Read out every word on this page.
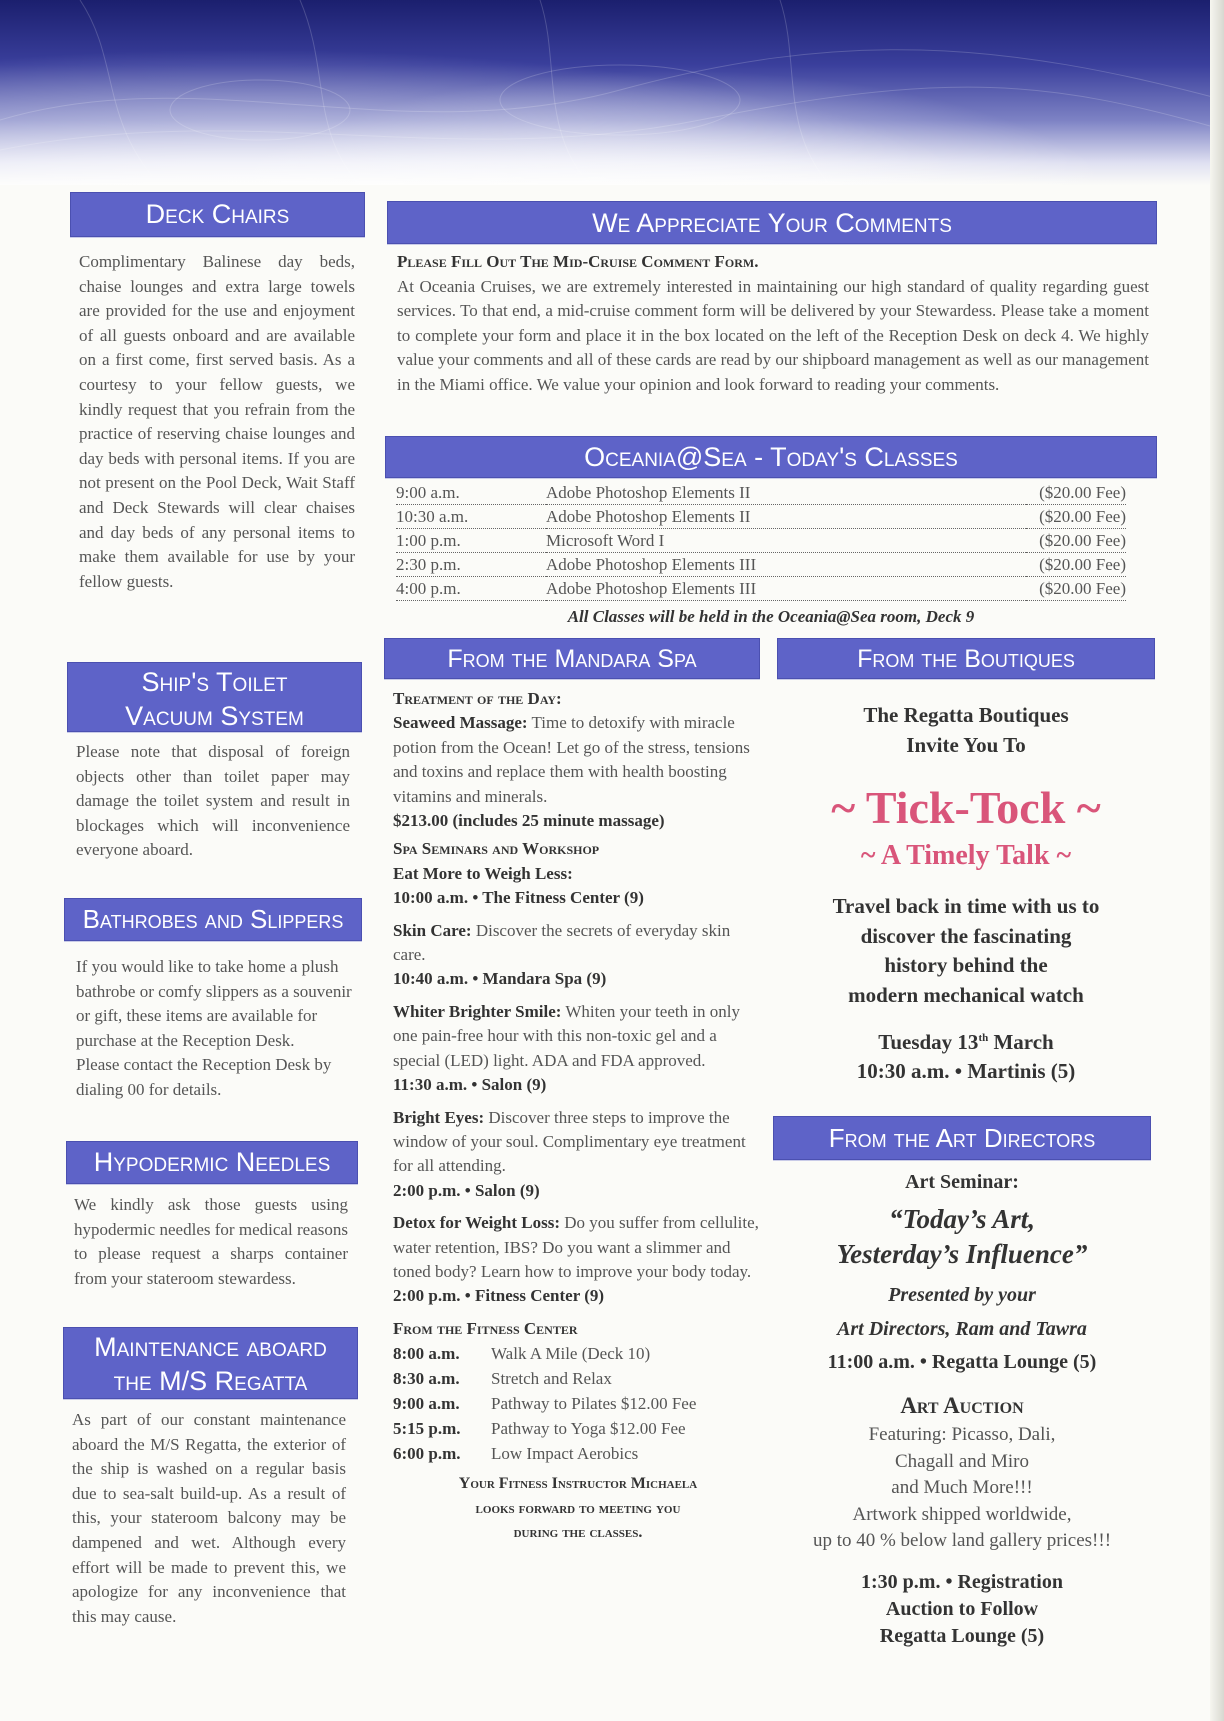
Deck Chairs
Complimentary Balinese day beds, chaise lounges and extra large towels are provided for the use and enjoyment of all guests onboard and are available on a first come, first served basis. As a courtesy to your fellow guests, we kindly request that you refrain from the practice of reserving chaise lounges and day beds with personal items. If you are not present on the Pool Deck, Wait Staff and Deck Stewards will clear chaises and day beds of any personal items to make them available for use by your fellow guests.
Ship's Toilet
Vacuum System
Please note that disposal of foreign objects other than toilet paper may damage the toilet system and result in blockages which will inconvenience everyone aboard.
Bathrobes and Slippers
If you would like to take home a plush bathrobe or comfy slippers as a souvenir or gift, these items are available for purchase at the Reception Desk.
Please contact the Reception Desk by dialing 00 for details.
Hypodermic Needles
We kindly ask those guests using hypodermic needles for medical reasons to please request a sharps container from your stateroom stewardess.
Maintenance aboard
the M/S Regatta
As part of our constant maintenance aboard the M/S Regatta, the exterior of the ship is washed on a regular basis due to sea-salt build-up. As a result of this, your stateroom balcony may be dampened and wet. Although every effort will be made to prevent this, we apologize for any inconvenience that this may cause.
We Appreciate Your Comments
Please Fill Out The Mid-Cruise Comment Form.
At Oceania Cruises, we are extremely interested in maintaining our high standard of quality regarding guest services. To that end, a mid-cruise comment form will be delivered by your Stewardess. Please take a moment to complete your form and place it in the box located on the left of the Reception Desk on deck 4. We highly value your comments and all of these cards are read by our shipboard management as well as our management in the Miami office. We value your opinion and look forward to reading your comments.
Oceania@Sea - Today's Classes
9:00 a.m.	Adobe Photoshop Elements II	($20.00 Fee)
10:30 a.m.	Adobe Photoshop Elements II	($20.00 Fee)
1:00 p.m.	Microsoft Word I	($20.00 Fee)
2:30 p.m.	Adobe Photoshop Elements III	($20.00 Fee)
4:00 p.m.	Adobe Photoshop Elements III	($20.00 Fee)
All Classes will be held in the Oceania@Sea room, Deck 9
From the Mandara Spa
Treatment of the Day:
Seaweed Massage: Time to detoxify with miracle potion from the Ocean! Let go of the stress, tensions and toxins and replace them with health boosting vitamins and minerals.
$213.00 (includes 25 minute massage)
Spa Seminars and Workshop
Eat More to Weigh Less:
10:00 a.m. • The Fitness Center (9)
Skin Care: Discover the secrets of everyday skin care.
10:40 a.m. • Mandara Spa (9)
Whiter Brighter Smile: Whiten your teeth in only one pain-free hour with this non-toxic gel and a special (LED) light. ADA and FDA approved.
11:30 a.m. • Salon (9)
Bright Eyes: Discover three steps to improve the window of your soul. Complimentary eye treatment for all attending.
2:00 p.m. • Salon (9)
Detox for Weight Loss: Do you suffer from cellulite, water retention, IBS? Do you want a slimmer and toned body? Learn how to improve your body today.
2:00 p.m. • Fitness Center (9)
From the Fitness Center
8:00 a.m.	Walk A Mile (Deck 10)
8:30 a.m.	Stretch and Relax
9:00 a.m.	Pathway to Pilates $12.00 Fee
5:15 p.m.	Pathway to Yoga $12.00 Fee
6:00 p.m.	Low Impact Aerobics
Your Fitness Instructor Michaela
looks forward to meeting you
during the classes.
From the Boutiques
The Regatta Boutiques
Invite You To
~ Tick-Tock ~
~ A Timely Talk ~
Travel back in time with us to
discover the fascinating
history behind the
modern mechanical watch
Tuesday 13th March
10:30 a.m. • Martinis (5)
From the Art Directors
Art Seminar:
“Today’s Art,
Yesterday’s Influence”
Presented by your
Art Directors, Ram and Tawra
11:00 a.m. • Regatta Lounge (5)
Art Auction
Featuring: Picasso, Dali,
Chagall and Miro
and Much More!!!
Artwork shipped worldwide,
up to 40 % below land gallery prices!!!
1:30 p.m. • Registration
Auction to Follow
Regatta Lounge (5)
